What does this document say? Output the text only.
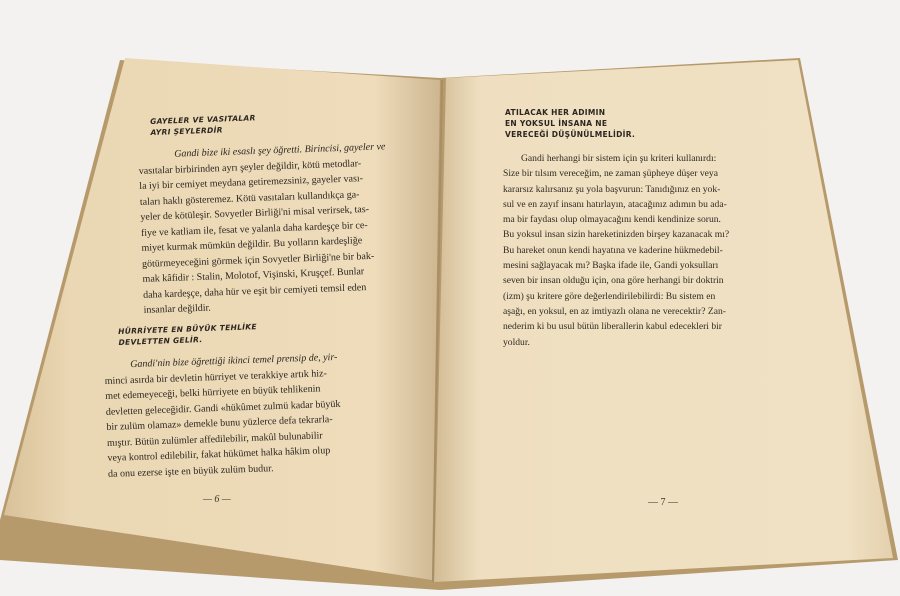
GAYELER VE VASITALAR
AYRI ŞEYLERDİR
Gandi bize iki esaslı şey öğretti. Birincisi, gayeler ve
vasıtalar birbirinden ayrı şeyler değildir, kötü metodlar-
la iyi bir cemiyet meydana getiremezsiniz, gayeler vası-
taları haklı gösteremez. Kötü vasıtaları kullandıkça ga-
yeler de kötüleşir. Sovyetler Birliği'ni misal verirsek, tas-
fiye ve katliam ile, fesat ve yalanla daha kardeşçe bir ce-
miyet kurmak mümkün değildir. Bu yolların kardeşliğe
götürmeyeceğini görmek için Sovyetler Birliği'ne bir bak-
mak kâfidir : Stalin, Molotof, Vişinski, Kruşçef. Bunlar
daha kardeşçe, daha hür ve eşit bir cemiyeti temsil eden
insanlar değildir.
HÜRRİYETE EN BÜYÜK TEHLİKE
DEVLETTEN GELİR.
Gandi'nin bize öğrettiği ikinci temel prensip de, yir-
minci asırda bir devletin hürriyet ve terakkiye artık hiz-
met edemeyeceği, belki hürriyete en büyük tehlikenin
devletten geleceğidir. Gandi «hükûmet zulmü kadar büyük
bir zulüm olamaz» demekle bunu yüzlerce defa tekrarla-
mıştır. Bütün zulümler affedilebilir, makûl bulunabilir
veya kontrol edilebilir, fakat hükümet halka hâkim olup
da onu ezerse işte en büyük zulüm budur.
— 6 —
ATILACAK HER ADIMIN
EN YOKSUL İNSANA NE
VERECEĞİ DÜŞÜNÜLMELİDİR.
Gandi herhangi bir sistem için şu kriteri kullanırdı:
Size bir tılsım vereceğim, ne zaman şüpheye düşer veya
kararsız kalırsanız şu yola başvurun: Tanıdığınız en yok-
sul ve en zayıf insanı hatırlayın, atacağınız adımın bu ada-
ma bir faydası olup olmayacağını kendi kendinize sorun.
Bu yoksul insan sizin hareketinizden birşey kazanacak mı?
Bu hareket onun kendi hayatına ve kaderine hükmedebil-
mesini sağlayacak mı? Başka ifade ile, Gandi yoksulları
seven bir insan olduğu için, ona göre herhangi bir doktrin
(izm) şu kritere göre değerlendirilebilirdi: Bu sistem en
aşağı, en yoksul, en az imtiyazlı olana ne verecektir? Zan-
nederim ki bu usul bütün liberallerin kabul edecekleri bir
yoldur.
— 7 —
